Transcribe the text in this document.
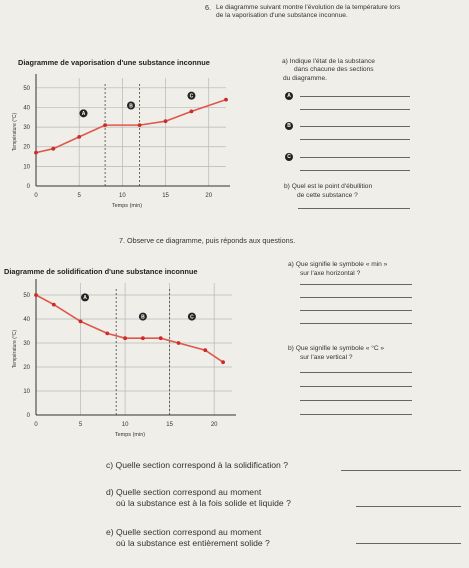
6. Le diagramme suivant montre l'évolution de la température lors
de la vaporisation d'une substance inconnue.
Diagramme de vaporisation d'une substance inconnue
0
10
20
30
40
50
0	5	10	15	20
Temps (min)
Température (°C)	A
B
C
a) Indique l'état de la substance
dans chacune des sections
du diagramme.
A
B
C
b) Quel est le point d'ébullition
de cette substance ?
7. Observe ce diagramme, puis réponds aux questions.
Diagramme de solidification d'une substance inconnue
0
10
20
30
40
50
0	5	10	15	20
Temps (min)
Température (°C)
A
B	C
a) Que signifie le symbole « min »
sur l'axe horizontal ?
b) Que signifie le symbole « °C »
sur l'axe vertical ?
c) Quelle section correspond à la solidification ?
d) Quelle section correspond au moment
où la substance est à la fois solide et liquide ?
e) Quelle section correspond au moment
où la substance est entièrement solide ?
